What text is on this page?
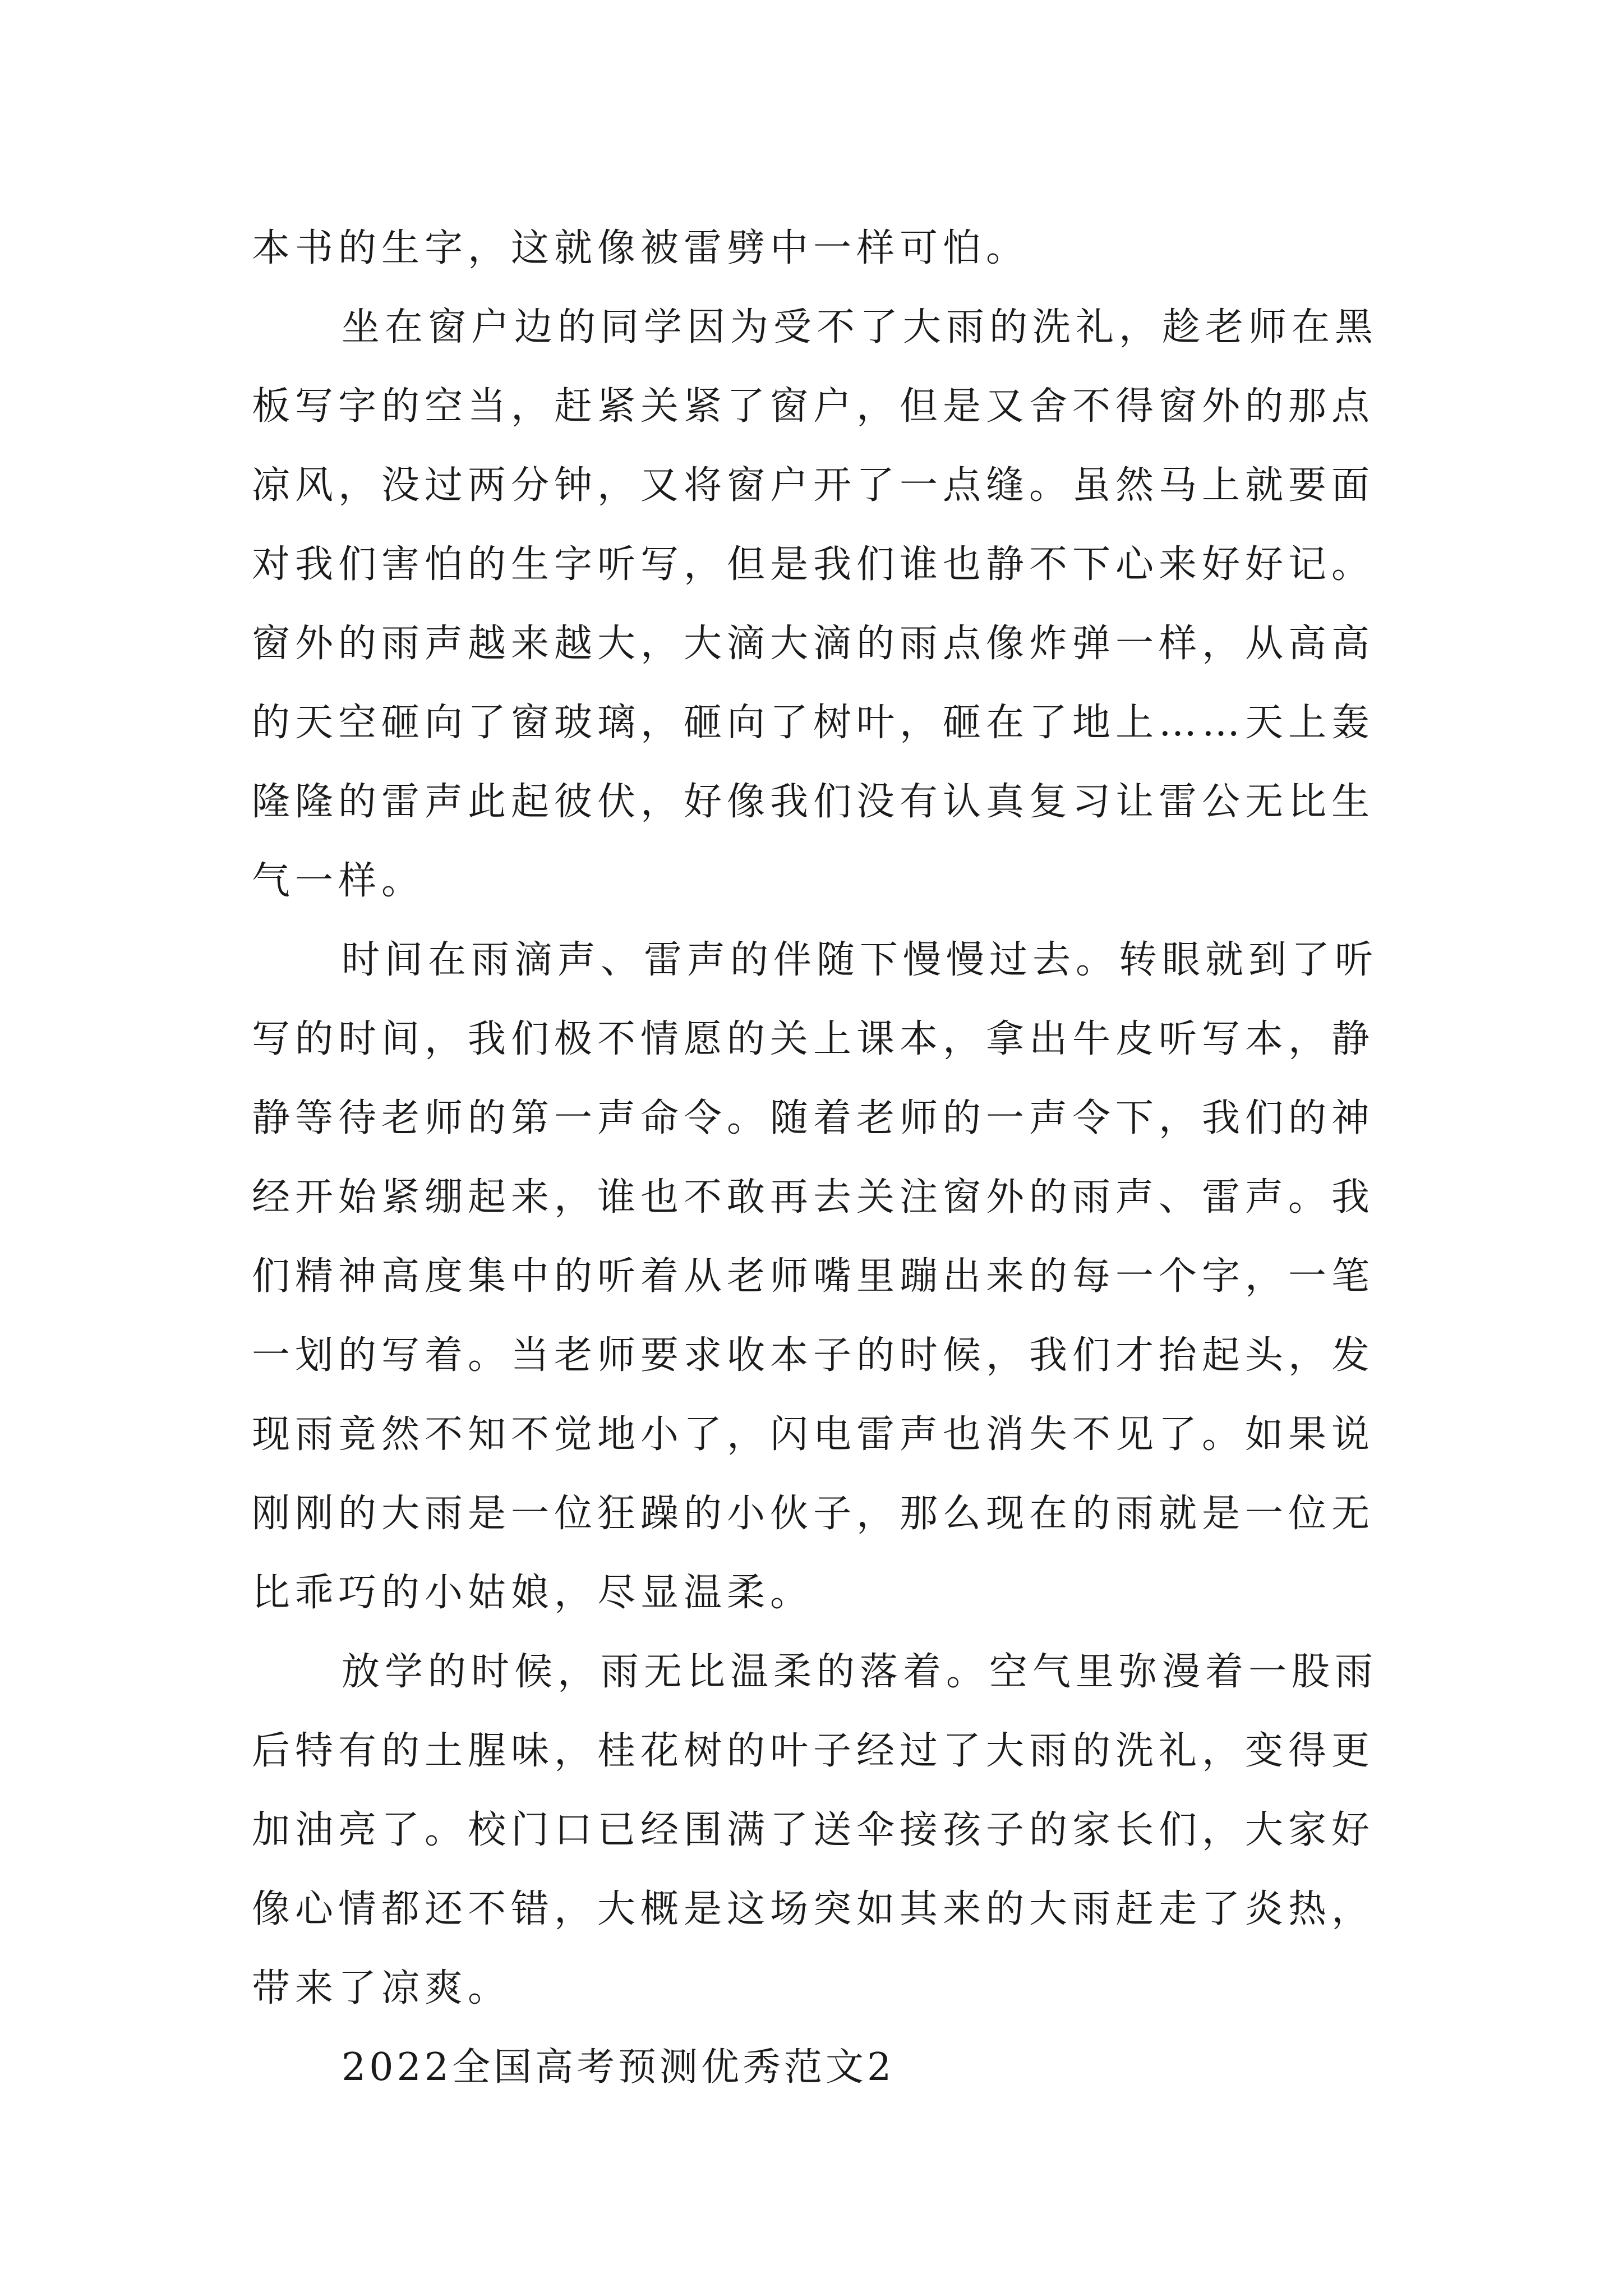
本书的生字，这就像被雷劈中一样可怕。
坐在窗户边的同学因为受不了大雨的洗礼，趁老师在黑
板写字的空当，赶紧关紧了窗户，但是又舍不得窗外的那点
凉风，没过两分钟，又将窗户开了一点缝。虽然马上就要面
对我们害怕的生字听写，但是我们谁也静不下心来好好记。
窗外的雨声越来越大，大滴大滴的雨点像炸弹一样，从高高
的天空砸向了窗玻璃，砸向了树叶，砸在了地上……天上轰
隆隆的雷声此起彼伏，好像我们没有认真复习让雷公无比生
气一样。
时间在雨滴声、雷声的伴随下慢慢过去。转眼就到了听
写的时间，我们极不情愿的关上课本，拿出牛皮听写本，静
静等待老师的第一声命令。随着老师的一声令下，我们的神
经开始紧绷起来，谁也不敢再去关注窗外的雨声、雷声。我
们精神高度集中的听着从老师嘴里蹦出来的每一个字，一笔
一划的写着。当老师要求收本子的时候，我们才抬起头，发
现雨竟然不知不觉地小了，闪电雷声也消失不见了。如果说
刚刚的大雨是一位狂躁的小伙子，那么现在的雨就是一位无
比乖巧的小姑娘，尽显温柔。
放学的时候，雨无比温柔的落着。空气里弥漫着一股雨
后特有的土腥味，桂花树的叶子经过了大雨的洗礼，变得更
加油亮了。校门口已经围满了送伞接孩子的家长们，大家好
像心情都还不错，大概是这场突如其来的大雨赶走了炎热，
带来了凉爽。
2022全国高考预测优秀范文2
